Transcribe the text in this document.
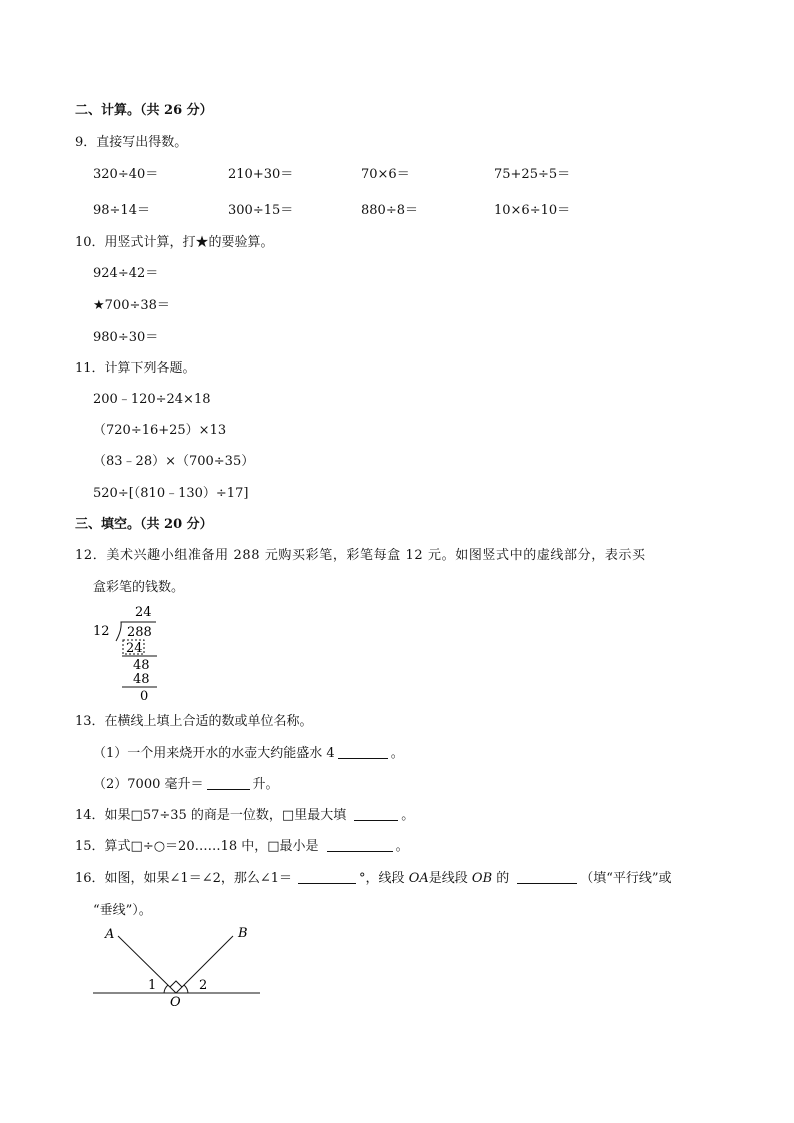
二、计算。（共 26 分）
9．直接写出得数。
320÷40＝	210+30＝	70×6＝	75+25÷5＝
98÷14＝	300÷15＝	880÷8＝	10×6÷10＝
10．用竖式计算，打★的要验算。
924÷42＝
★700÷38＝
980÷30＝
11．计算下列各题。
200﹣120÷24×18
（720÷16+25）×13
（83﹣28）×（700÷35）
520÷[（810﹣130）÷17]
三、填空。（共 20 分）
12．美术兴趣小组准备用 288 元购买彩笔，彩笔每盒 12 元。如图竖式中的虚线部分，表示买
盒彩笔的钱数。
24
12 288
24
48
48
0
13．在横线上填上合适的数或单位名称。
（1）一个用来烧开水的水壶大约能盛水 4	。
（2）7000 毫升＝	升。
14．如果□57÷35 的商是一位数，□里最大填	。
15．算式□÷○＝20……18 中，□最小是	。
16．如图，如果∠1＝∠2，那么∠1＝	°，线段 OA是线段 OB 的	（填“平行线”或
“垂线”）。
A	B
O
1	2
